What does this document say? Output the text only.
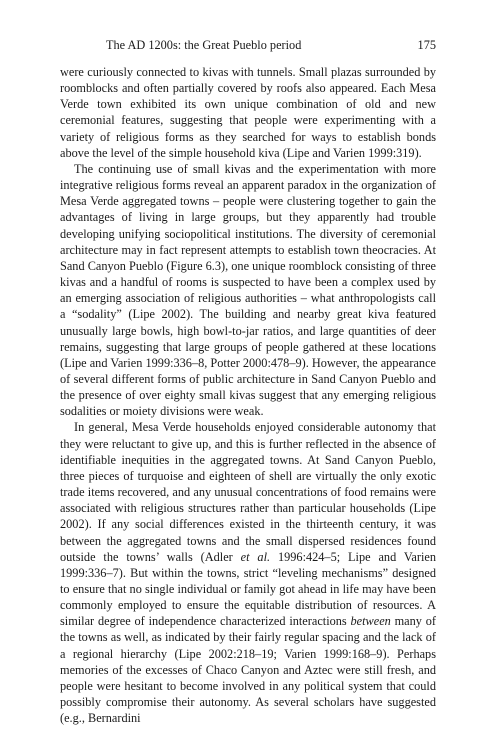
The AD 1200s: the Great Pueblo period	175

were curiously connected to kivas with tunnels. Small plazas surrounded by roomblocks and often partially covered by roofs also appeared. Each Mesa Verde town exhibited its own unique combination of old and new ceremonial features, suggesting that people were experimenting with a variety of religious forms as they searched for ways to establish bonds above the level of the simple household kiva (Lipe and Varien 1999:319).

The continuing use of small kivas and the experimentation with more integrative religious forms reveal an apparent paradox in the organization of Mesa Verde aggregated towns – people were clustering together to gain the advantages of living in large groups, but they apparently had trouble developing unifying sociopolitical institutions. The diversity of ceremonial architecture may in fact represent attempts to establish town theocracies. At Sand Canyon Pueblo (Figure 6.3), one unique roomblock consisting of three kivas and a handful of rooms is suspected to have been a complex used by an emerging association of religious authorities – what anthropologists call a “sodality” (Lipe 2002). The building and nearby great kiva featured unusually large bowls, high bowl-to-jar ratios, and large quantities of deer remains, suggesting that large groups of people gathered at these locations (Lipe and Varien 1999:336–8, Potter 2000:478–9). However, the appearance of several different forms of public architecture in Sand Canyon Pueblo and the presence of over eighty small kivas suggest that any emerging religious sodalities or moiety divisions were weak.

In general, Mesa Verde households enjoyed considerable autonomy that they were reluctant to give up, and this is further reflected in the absence of identifiable inequities in the aggregated towns. At Sand Canyon Pueblo, three pieces of turquoise and eighteen of shell are virtually the only exotic trade items recovered, and any unusual concentrations of food remains were associated with religious structures rather than particular households (Lipe 2002). If any social differences existed in the thirteenth century, it was between the aggregated towns and the small dispersed residences found outside the towns’ walls (Adler et al. 1996:424–5; Lipe and Varien 1999:336–7). But within the towns, strict “leveling mechanisms” designed to ensure that no single individual or family got ahead in life may have been commonly employed to ensure the equitable distribution of resources. A similar degree of independence characterized interactions between many of the towns as well, as indicated by their fairly regular spacing and the lack of a regional hierarchy (Lipe 2002:218–19; Varien 1999:168–9). Perhaps memories of the excesses of Chaco Canyon and Aztec were still fresh, and people were hesitant to become involved in any political system that could possibly compromise their autonomy. As several scholars have suggested (e.g., Bernardini
